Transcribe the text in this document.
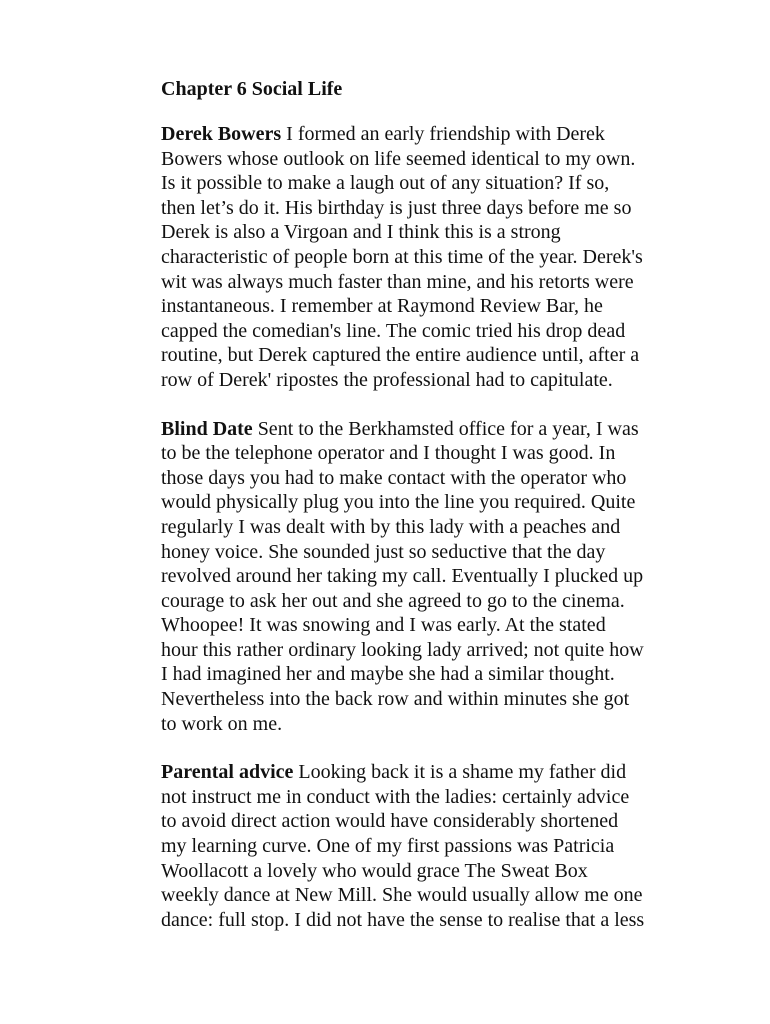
Chapter 6 Social Life
Derek Bowers I formed an early friendship with Derek
Bowers whose outlook on life seemed identical to my own.
Is it possible to make a laugh out of any situation? If so,
then let’s do it. His birthday is just three days before me so
Derek is also a Virgoan and I think this is a strong
characteristic of people born at this time of the year. Derek's
wit was always much faster than mine, and his retorts were
instantaneous. I remember at Raymond Review Bar, he
capped the comedian's line. The comic tried his drop dead
routine, but Derek captured the entire audience until, after a
row of Derek' ripostes the professional had to capitulate.
Blind Date Sent to the Berkhamsted office for a year, I was
to be the telephone operator and I thought I was good. In
those days you had to make contact with the operator who
would physically plug you into the line you required. Quite
regularly I was dealt with by this lady with a peaches and
honey voice. She sounded just so seductive that the day
revolved around her taking my call. Eventually I plucked up
courage to ask her out and she agreed to go to the cinema.
Whoopee! It was snowing and I was early. At the stated
hour this rather ordinary looking lady arrived; not quite how
I had imagined her and maybe she had a similar thought.
Nevertheless into the back row and within minutes she got
to work on me.
Parental advice Looking back it is a shame my father did
not instruct me in conduct with the ladies: certainly advice
to avoid direct action would have considerably shortened
my learning curve. One of my first passions was Patricia
Woollacott a lovely who would grace The Sweat Box
weekly dance at New Mill. She would usually allow me one
dance: full stop. I did not have the sense to realise that a less
